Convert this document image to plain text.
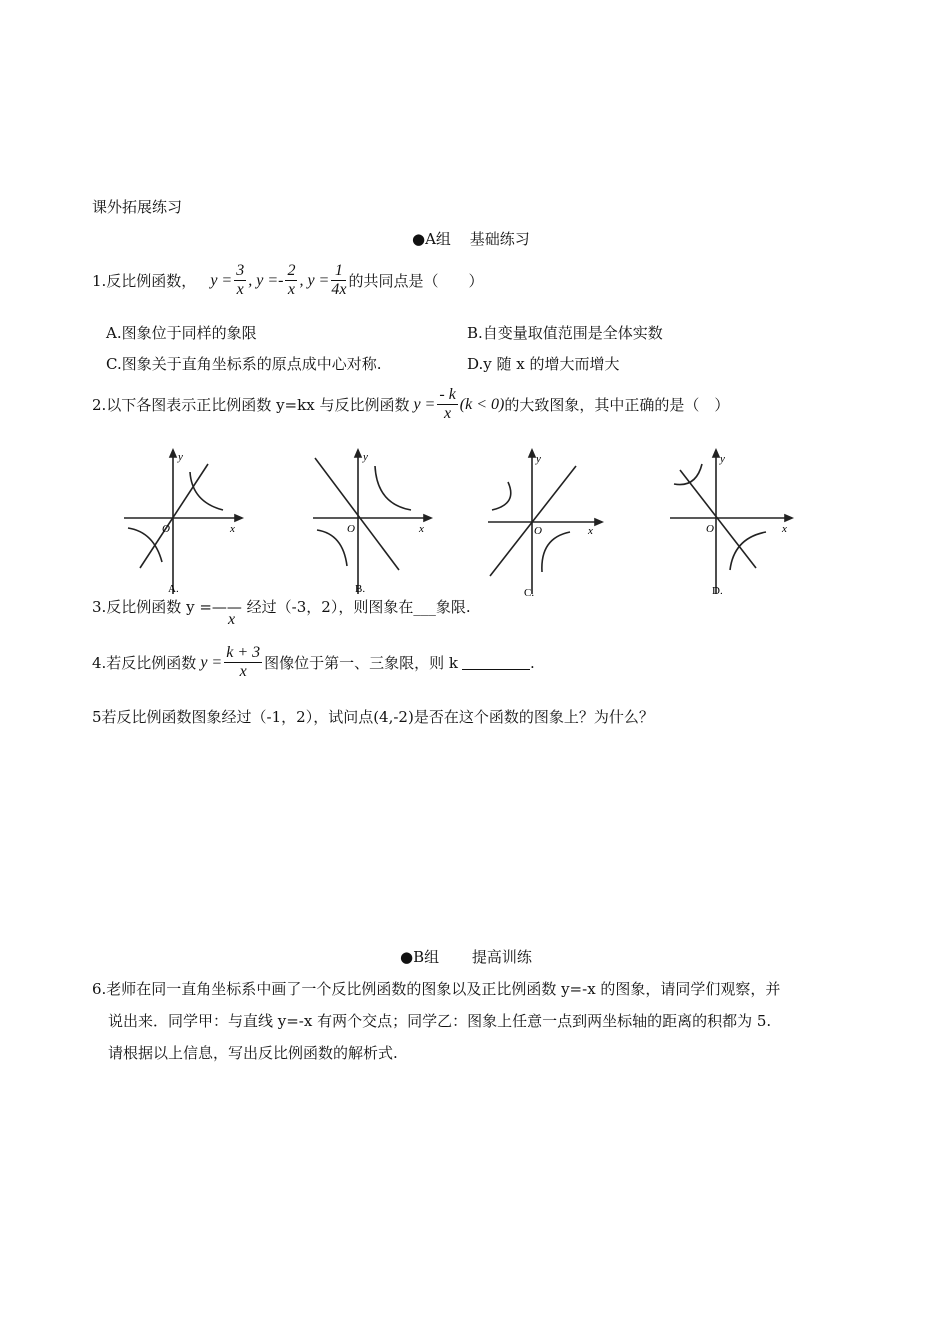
课外拓展练习
●A组 基础练习
1.反比例函数， $y = \frac{3}{x}$ , $y =- \frac{2}{x}$ , $y = \frac{1}{4x}$ 的共同点是（　　）
A.图象位于同样的象限	B.自变量取值范围是全体实数
C.图象关于直角坐标系的原点成中心对称.	D.y 随 x 的增大而增大
2.以下各图表示正比例函数 y=kx 与反比例函数 $y = \frac{- k}{x} (k < 0)$ 的大致图象，其中正确的是（　）
y
x
O
A.
y
x
O
B.
y
x
O
C.
y
x
O
D.
3.反比例函数 y =—— 经过（-3，2），则图象在___象限.
x
4.若反比例函数 $y = \frac{k + 3}{x}$ 图像位于第一、三象限，则 k	.
5若反比例函数图象经过（-1，2），试问点(4,-2)是否在这个函数的图象上？为什么？
●B组 提高训练
6.老师在同一直角坐标系中画了一个反比例函数的图象以及正比例函数 y=-x 的图象，请同学们观察，并
说出来．同学甲：与直线 y=-x 有两个交点；同学乙：图象上任意一点到两坐标轴的距离的积都为 5.
请根据以上信息，写出反比例函数的解析式.
